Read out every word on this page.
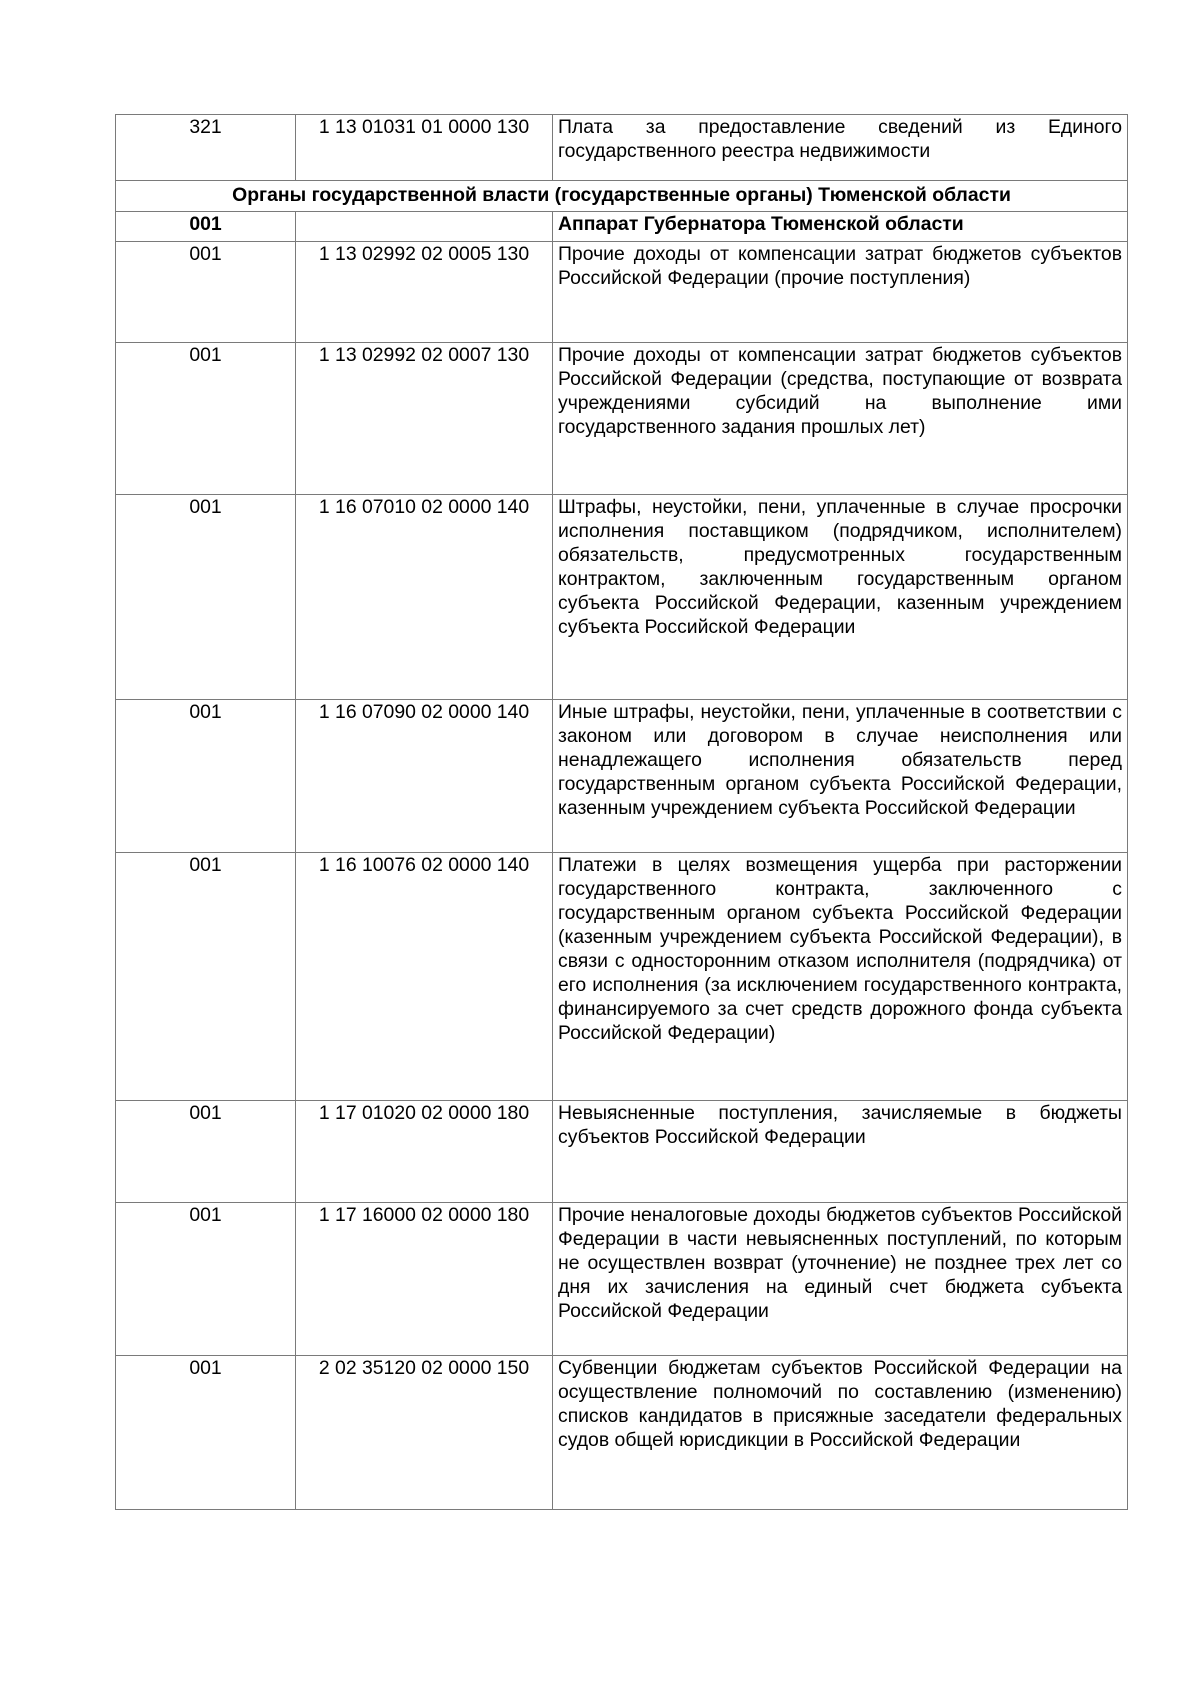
321	1 13 01031 01 0000 130	Плата за предоставление сведений из Единого государственного реестра недвижимости
Органы государственной власти (государственные органы) Тюменской области		
001		Аппарат Губернатора Тюменской области
001	1 13 02992 02 0005 130	Прочие доходы от компенсации затрат бюджетов субъектов Российской Федерации (прочие поступления)
001	1 13 02992 02 0007 130	Прочие доходы от компенсации затрат бюджетов субъектов Российской Федерации (средства, поступающие от возврата учреждениями субсидий на выполнение ими государственного задания прошлых лет)
001	1 16 07010 02 0000 140	Штрафы, неустойки, пени, уплаченные в случае просрочки исполнения поставщиком (подрядчиком, исполнителем) обязательств, предусмотренных государственным контрактом, заключенным государственным органом субъекта Российской Федерации, казенным учреждением субъекта Российской Федерации
001	1 16 07090 02 0000 140	Иные штрафы, неустойки, пени, уплаченные в соответствии с законом или договором в случае неисполнения или ненадлежащего исполнения обязательств перед государственным органом субъекта Российской Федерации, казенным учреждением субъекта Российской Федерации
001	1 16 10076 02 0000 140	Платежи в целях возмещения ущерба при расторжении государственного контракта, заключенного с государственным органом субъекта Российской Федерации (казенным учреждением субъекта Российской Федерации), в связи с односторонним отказом исполнителя (подрядчика) от его исполнения (за исключением государственного контракта, финансируемого за счет средств дорожного фонда субъекта Российской Федерации)
001	1 17 01020 02 0000 180	Невыясненные поступления, зачисляемые в бюджеты субъектов Российской Федерации
001	1 17 16000 02 0000 180	Прочие неналоговые доходы бюджетов субъектов Российской Федерации в части невыясненных поступлений, по которым не осуществлен возврат (уточнение) не позднее трех лет со дня их зачисления на единый счет бюджета субъекта Российской Федерации
001	2 02 35120 02 0000 150	Субвенции бюджетам субъектов Российской Федерации на осуществление полномочий по составлению (изменению) списков кандидатов в присяжные заседатели федеральных судов общей юрисдикции в Российской Федерации
